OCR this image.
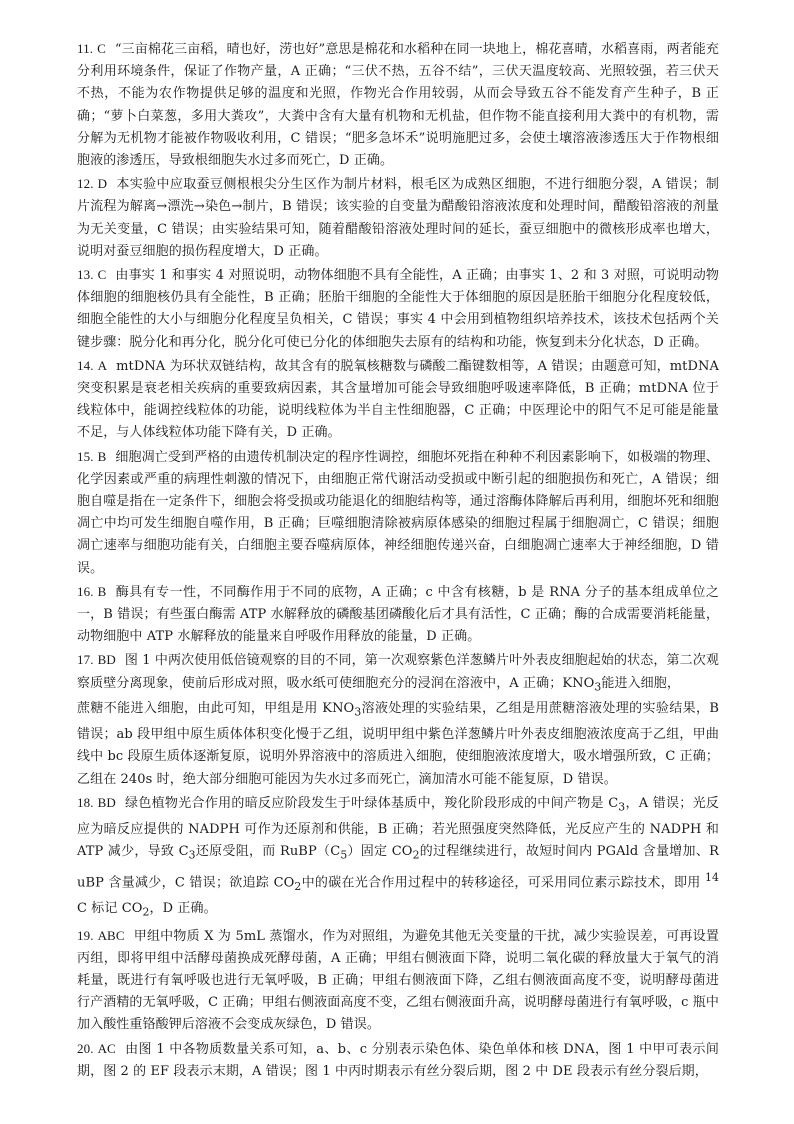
11. C “三亩棉花三亩稻，晴也好，涝也好”意思是棉花和水稻种在同一块地上，棉花喜晴，水稻喜雨，两者能充分利用环境条件，保证了作物产量，A 正确；“三伏不热，五谷不结”，三伏天温度较高、光照较强，若三伏天不热，不能为农作物提供足够的温度和光照，作物光合作用较弱，从而会导致五谷不能发育产生种子，B 正确；“萝卜白菜葱，多用大粪攻”，大粪中含有大量有机物和无机盐，但作物不能直接利用大粪中的有机物，需分解为无机物才能被作物吸收利用，C 错误；“肥多急坏禾”说明施肥过多，会使土壤溶液渗透压大于作物根细胞液的渗透压，导致根细胞失水过多而死亡，D 正确。
12. D 本实验中应取蚕豆侧根根尖分生区作为制片材料，根毛区为成熟区细胞，不进行细胞分裂，A 错误；制片流程为解离→漂洗→染色→制片，B 错误；该实验的自变量为醋酸铅溶液浓度和处理时间，醋酸铅溶液的剂量为无关变量，C 错误；由实验结果可知，随着醋酸铅溶液处理时间的延长，蚕豆细胞中的微核形成率也增大，说明对蚕豆细胞的损伤程度增大，D 正确。
13. C 由事实 1 和事实 4 对照说明，动物体细胞不具有全能性，A 正确；由事实 1、2 和 3 对照，可说明动物体细胞的细胞核仍具有全能性，B 正确；胚胎干细胞的全能性大于体细胞的原因是胚胎干细胞分化程度较低，细胞全能性的大小与细胞分化程度呈负相关，C 错误；事实 4 中会用到植物组织培养技术，该技术包括两个关键步骤：脱分化和再分化，脱分化可使已分化的体细胞失去原有的结构和功能，恢复到未分化状态，D 正确。
14. A mtDNA 为环状双链结构，故其含有的脱氧核糖数与磷酸二酯键数相等，A 错误；由题意可知，mtDNA 突变积累是衰老相关疾病的重要致病因素，其含量增加可能会导致细胞呼吸速率降低，B 正确；mtDNA 位于线粒体中，能调控线粒体的功能，说明线粒体为半自主性细胞器，C 正确；中医理论中的阳气不足可能是能量不足，与人体线粒体功能下降有关，D 正确。
15. B 细胞凋亡受到严格的由遗传机制决定的程序性调控，细胞坏死指在种种不利因素影响下，如极端的物理、化学因素或严重的病理性刺激的情况下，由细胞正常代谢活动受损或中断引起的细胞损伤和死亡，A 错误；细胞自噬是指在一定条件下，细胞会将受损或功能退化的细胞结构等，通过溶酶体降解后再利用，细胞坏死和细胞凋亡中均可发生细胞自噬作用，B 正确；巨噬细胞清除被病原体感染的细胞过程属于细胞凋亡，C 错误；细胞凋亡速率与细胞功能有关，白细胞主要吞噬病原体，神经细胞传递兴奋，白细胞凋亡速率大于神经细胞，D 错误。
16. B 酶具有专一性，不同酶作用于不同的底物，A 正确；c 中含有核糖，b 是 RNA 分子的基本组成单位之一，B 错误；有些蛋白酶需 ATP 水解释放的磷酸基团磷酸化后才具有活性，C 正确；酶的合成需要消耗能量，动物细胞中 ATP 水解释放的能量来自呼吸作用释放的能量，D 正确。
17. BD 图 1 中两次使用低倍镜观察的目的不同，第一次观察紫色洋葱鳞片叶外表皮细胞起始的状态，第二次观察质壁分离现象，使前后形成对照，吸水纸可使细胞充分的浸润在溶液中，A 正确；$KNO_3$能进入细胞，
蔗糖不能进入细胞，由此可知，甲组是用 $KNO_3$溶液处理的实验结果，乙组是用蔗糖溶液处理的实验结果，B 错误；ab 段甲组中原生质体体积变化慢于乙组，说明甲组中紫色洋葱鳞片叶外表皮细胞液浓度高于乙组，甲曲线中 bc 段原生质体逐渐复原，说明外界溶液中的溶质进入细胞，使细胞液浓度增大，吸水增强所致，C 正确；乙组在 240s 时，绝大部分细胞可能因为失水过多而死亡，滴加清水可能不能复原，D 错误。
18. BD 绿色植物光合作用的暗反应阶段发生于叶绿体基质中，羧化阶段形成的中间产物是 $C_3$，A 错误；光反应为暗反应提供的 NADPH 可作为还原剂和供能，B 正确；若光照强度突然降低，光反应产生的 NADPH 和 ATP 减少，导致 $C_3$还原受阻，而 $RuBP(C_5)$固定 $CO_2$的过程继续进行，故短时间内 PGAld 含量增加、RuBP 含量减少，C 错误；欲追踪 $CO_2$中的碳在光合作用过程中的转移途径，可采用同位素示踪技术，即用 $^{14}$C 标记 $CO_2$，D 正确。
19. ABC 甲组中物质 X 为 5mL 蒸馏水，作为对照组，为避免其他无关变量的干扰，减少实验误差，可再设置丙组，即将甲组中活酵母菌换成死酵母菌，A 正确；甲组右侧液面下降，说明二氧化碳的释放量大于氧气的消耗量，既进行有氧呼吸也进行无氧呼吸，B 正确；甲组右侧液面下降，乙组右侧液面高度不变，说明酵母菌进行产酒精的无氧呼吸，C 正确；甲组右侧液面高度不变，乙组右侧液面升高，说明酵母菌进行有氧呼吸，c 瓶中加入酸性重铬酸钾后溶液不会变成灰绿色，D 错误。
20. AC 由图 1 中各物质数量关系可知，a、b、c 分别表示染色体、染色单体和核 DNA，图 1 中甲可表示间期，图 2 的 EF 段表示末期，A 错误；图 1 中丙时期表示有丝分裂后期，图 2 中 DE 段表示有丝分裂后期，
